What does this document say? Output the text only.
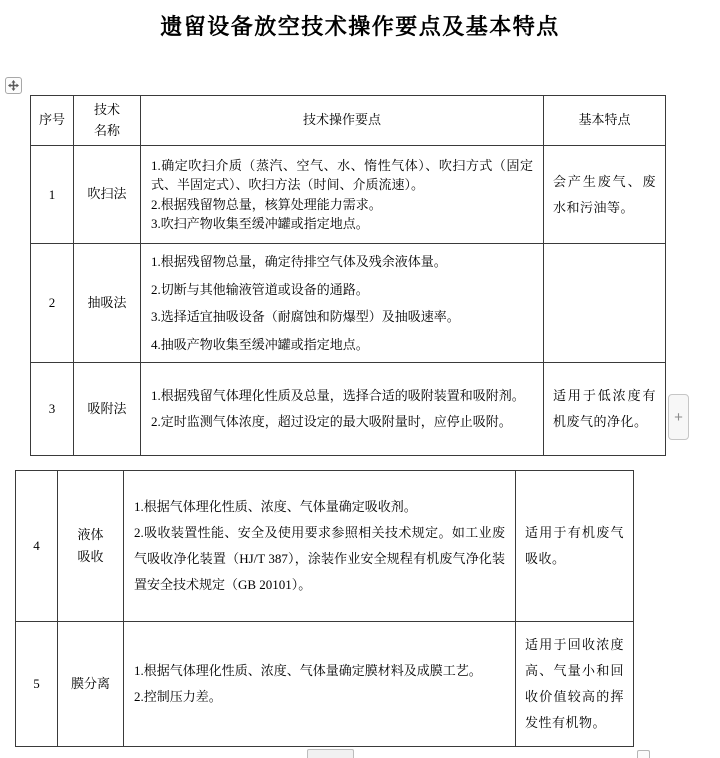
遗留设备放空技术操作要点及基本特点
序号	技术名称	技术操作要点	基本特点
1	吹扫法	1.确定吹扫介质（蒸汽、空气、水、惰性气体）、吹扫方式（固定式、半固定式）、吹扫方法（时间、介质流速）。
2.根据残留物总量，核算处理能力需求。
3.吹扫产物收集至缓冲罐或指定地点。	会产生废气、废水和污油等。
2	抽吸法	1.根据残留物总量，确定待排空气体及残余液体量。
2.切断与其他输液管道或设备的通路。
3.选择适宜抽吸设备（耐腐蚀和防爆型）及抽吸速率。
4.抽吸产物收集至缓冲罐或指定地点。	

3	吸附法	1.根据残留气体理化性质及总量，选择合适的吸附装置和吸附剂。
2.定时监测气体浓度，超过设定的最大吸附量时，应停止吸附。	适用于低浓度有机废气的净化。
4	液体吸收	1.根据气体理化性质、浓度、气体量确定吸收剂。
2.吸收装置性能、安全及使用要求参照相关技术规定。如工业废气吸收净化装置（HJ/T 387），涂装作业安全规程有机废气净化装置安全技术规定（GB 20101）。	适用于有机废气吸收。
5	膜分离	1.根据气体理化性质、浓度、气体量确定膜材料及成膜工艺。
2.控制压力差。	适用于回收浓度高、气量小和回收价值较高的挥发性有机物。
+
